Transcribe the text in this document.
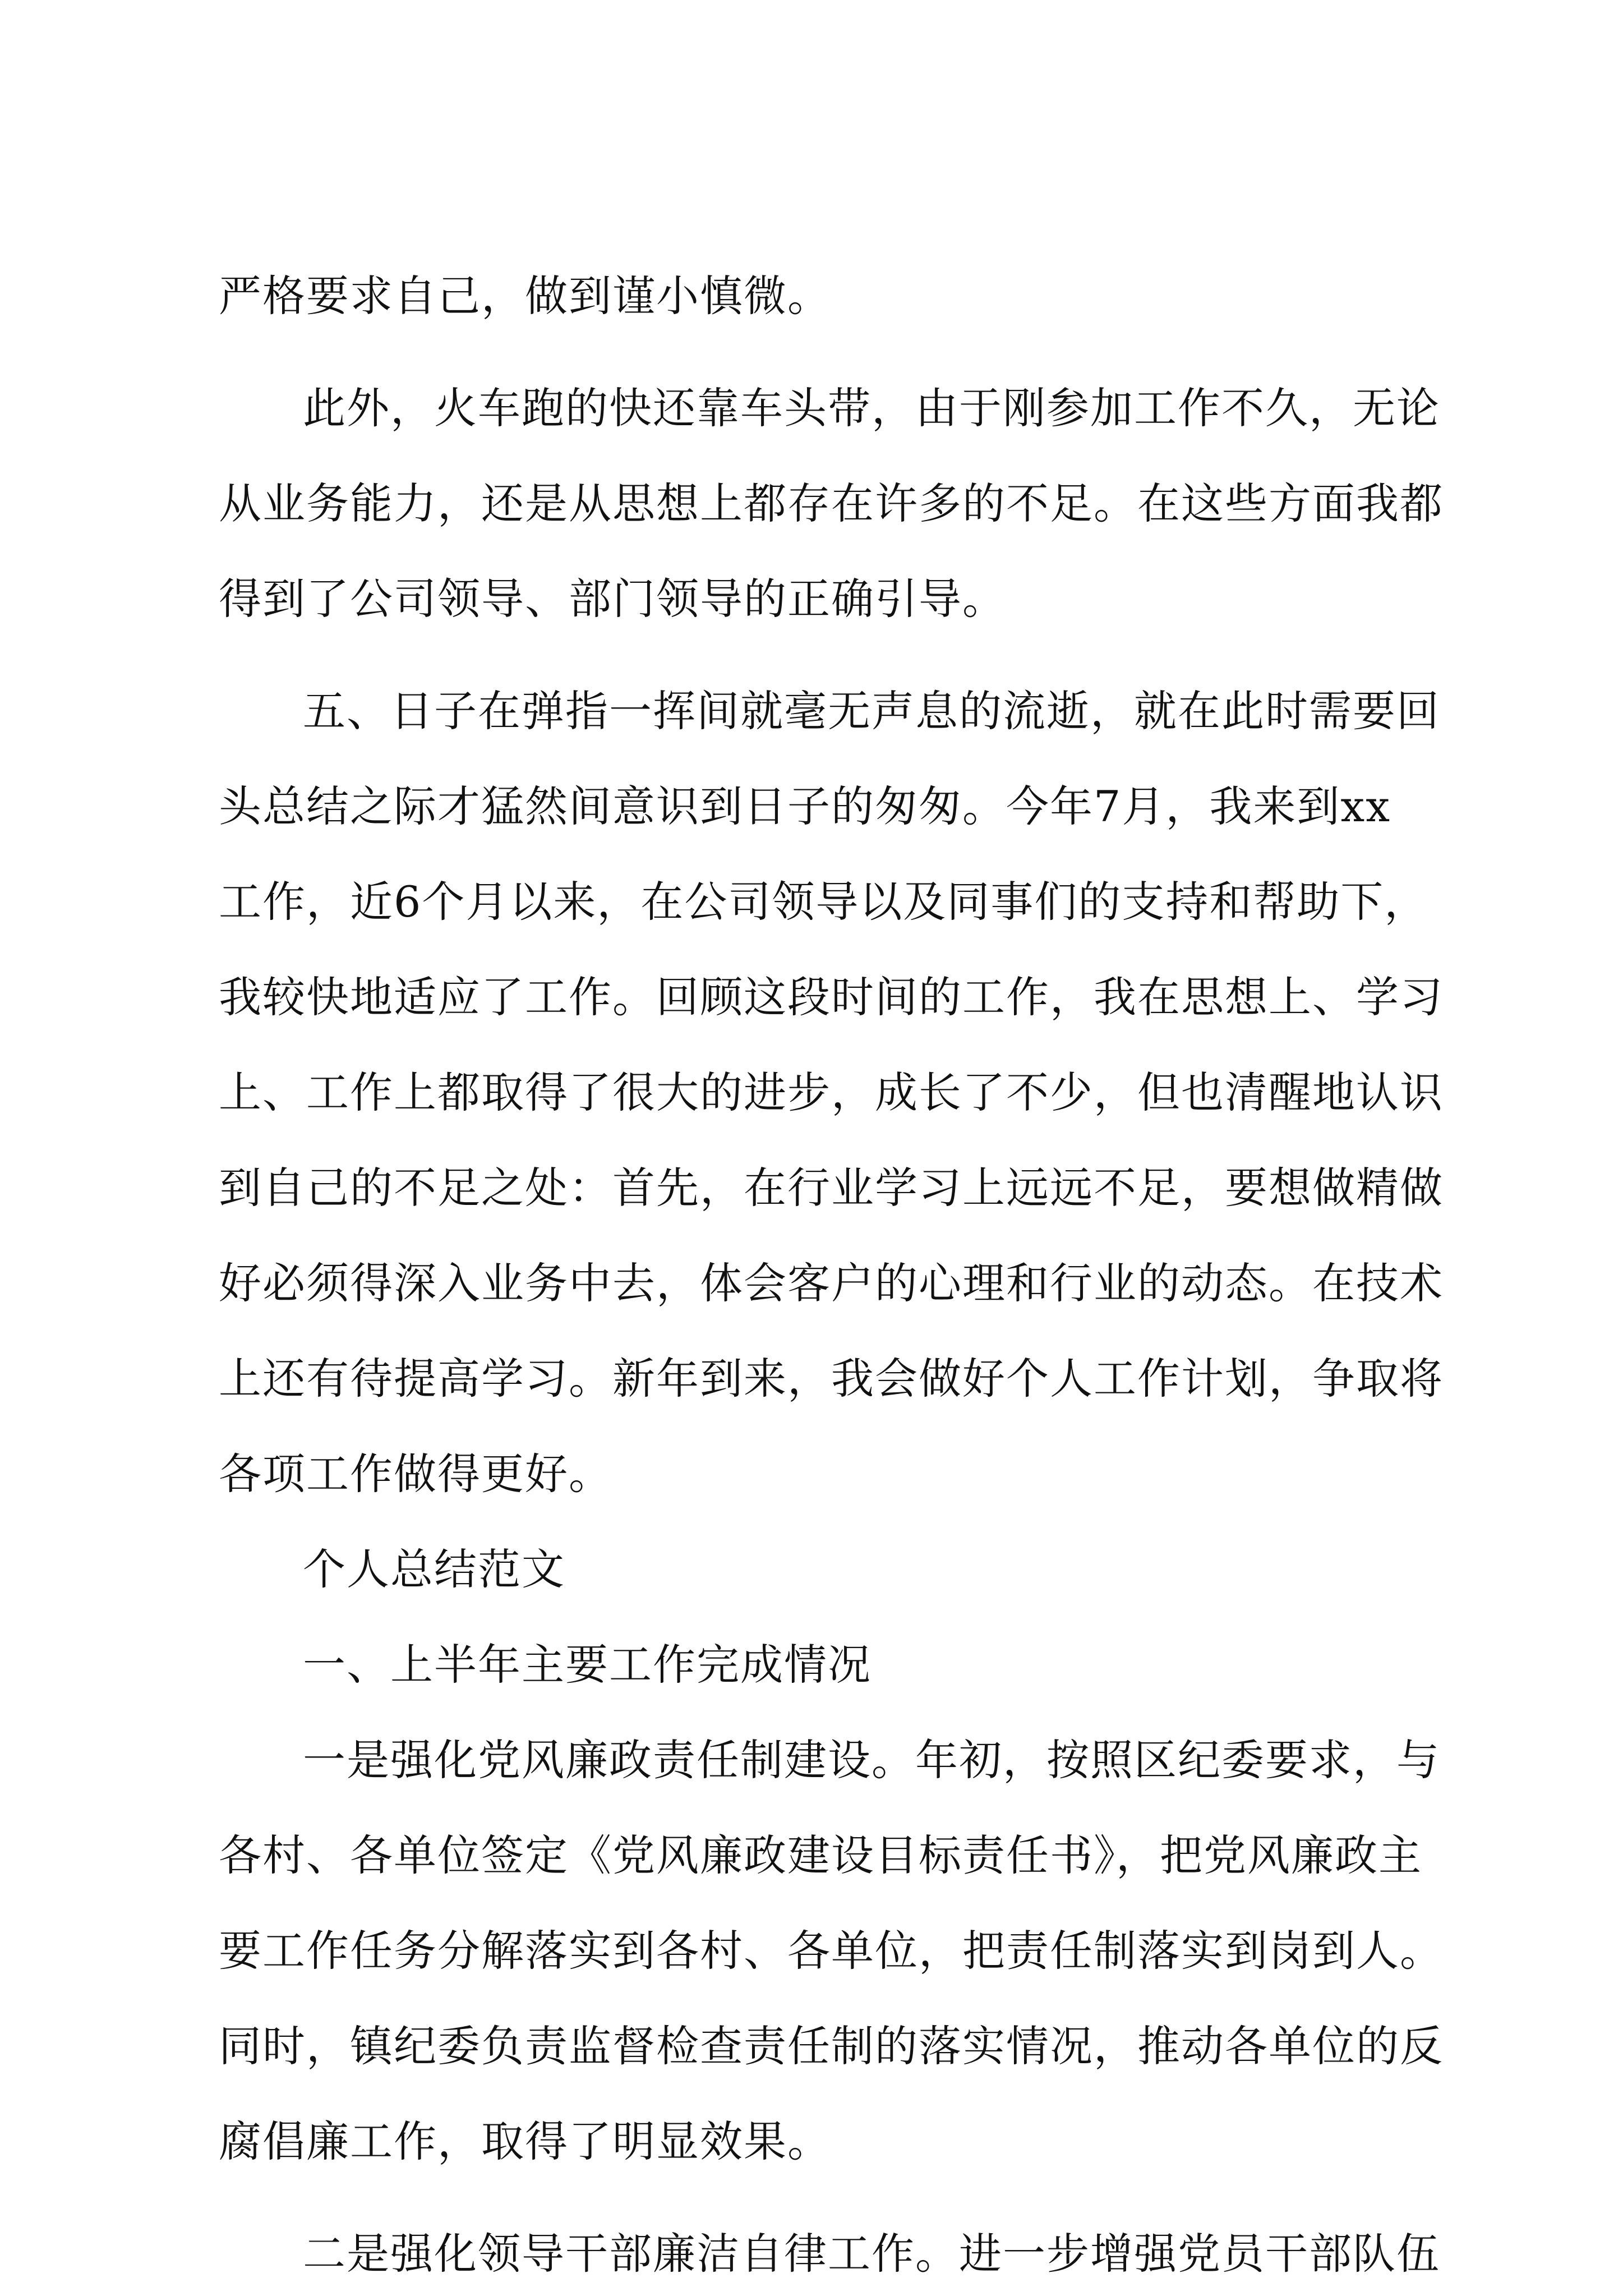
严格要求自己，做到谨小慎微。
此外，火车跑的快还靠车头带，由于刚参加工作不久，无论
从业务能力，还是从思想上都存在许多的不足。在这些方面我都
得到了公司领导、部门领导的正确引导。
五、日子在弹指一挥间就毫无声息的流逝，就在此时需要回
头总结之际才猛然间意识到日子的匆匆。今年7月，我来到xx
工作，近6个月以来，在公司领导以及同事们的支持和帮助下，
我较快地适应了工作。回顾这段时间的工作，我在思想上、学习
上、工作上都取得了很大的进步，成长了不少，但也清醒地认识
到自己的不足之处：首先，在行业学习上远远不足，要想做精做
好必须得深入业务中去，体会客户的心理和行业的动态。在技术
上还有待提高学习。新年到来，我会做好个人工作计划，争取将
各项工作做得更好。
个人总结范文
一、上半年主要工作完成情况
一是强化党风廉政责任制建设。年初，按照区纪委要求，与
各村、各单位签定《党风廉政建设目标责任书》，把党风廉政主
要工作任务分解落实到各村、各单位，把责任制落实到岗到人。
同时，镇纪委负责监督检查责任制的落实情况，推动各单位的反
腐倡廉工作，取得了明显效果。
二是强化领导干部廉洁自律工作。进一步增强党员干部队伍
